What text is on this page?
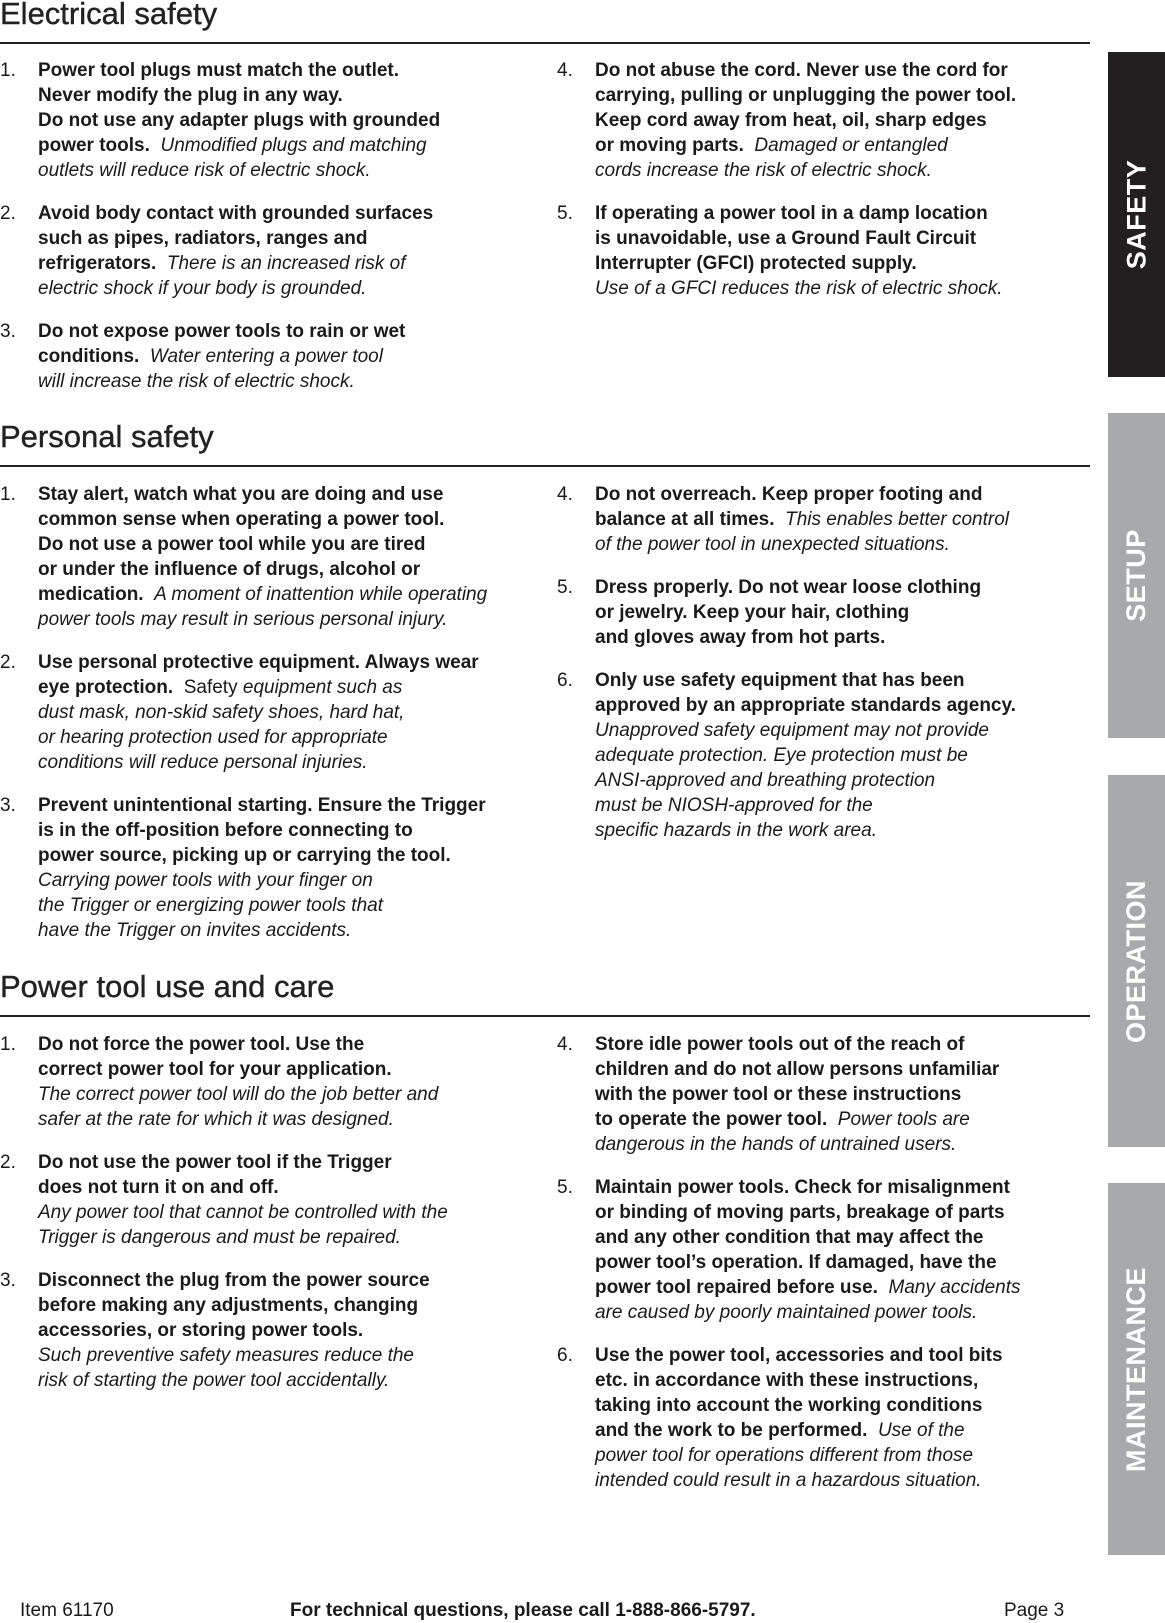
Electrical safety
1. Power tool plugs must match the outlet.
Never modify the plug in any way.
Do not use any adapter plugs with grounded
power tools. Unmodified plugs and matching
outlets will reduce risk of electric shock.
2. Avoid body contact with grounded surfaces
such as pipes, radiators, ranges and
refrigerators. There is an increased risk of
electric shock if your body is grounded.
3. Do not expose power tools to rain or wet
conditions. Water entering a power tool
will increase the risk of electric shock.
4. Do not abuse the cord. Never use the cord for
carrying, pulling or unplugging the power tool.
Keep cord away from heat, oil, sharp edges
or moving parts. Damaged or entangled
cords increase the risk of electric shock.
5. If operating a power tool in a damp location
is unavoidable, use a Ground Fault Circuit
Interrupter (GFCI) protected supply.
Use of a GFCI reduces the risk of electric shock.
Personal safety
1. Stay alert, watch what you are doing and use
common sense when operating a power tool.
Do not use a power tool while you are tired
or under the influence of drugs, alcohol or
medication. A moment of inattention while operating
power tools may result in serious personal injury.
2. Use personal protective equipment. Always wear
eye protection. Safety equipment such as
dust mask, non-skid safety shoes, hard hat,
or hearing protection used for appropriate
conditions will reduce personal injuries.
3. Prevent unintentional starting. Ensure the Trigger
is in the off-position before connecting to
power source, picking up or carrying the tool.
Carrying power tools with your finger on
the Trigger or energizing power tools that
have the Trigger on invites accidents.
4. Do not overreach. Keep proper footing and
balance at all times. This enables better control
of the power tool in unexpected situations.
5. Dress properly. Do not wear loose clothing
or jewelry. Keep your hair, clothing
and gloves away from hot parts.
6. Only use safety equipment that has been
approved by an appropriate standards agency.
Unapproved safety equipment may not provide
adequate protection. Eye protection must be
ANSI-approved and breathing protection
must be NIOSH-approved for the
specific hazards in the work area.
Power tool use and care
1. Do not force the power tool. Use the
correct power tool for your application.
The correct power tool will do the job better and
safer at the rate for which it was designed.
2. Do not use the power tool if the Trigger
does not turn it on and off.
Any power tool that cannot be controlled with the
Trigger is dangerous and must be repaired.
3. Disconnect the plug from the power source
before making any adjustments, changing
accessories, or storing power tools.
Such preventive safety measures reduce the
risk of starting the power tool accidentally.
4. Store idle power tools out of the reach of
children and do not allow persons unfamiliar
with the power tool or these instructions
to operate the power tool. Power tools are
dangerous in the hands of untrained users.
5. Maintain power tools. Check for misalignment
or binding of moving parts, breakage of parts
and any other condition that may affect the
power tool’s operation. If damaged, have the
power tool repaired before use. Many accidents
are caused by poorly maintained power tools.
6. Use the power tool, accessories and tool bits
etc. in accordance with these instructions,
taking into account the working conditions
and the work to be performed. Use of the
power tool for operations different from those
intended could result in a hazardous situation.
SAFETY
SETUP
OPERATION
MAINTENANCE
Item 61170	For technical questions, please call 1-888-866-5797.	Page 3
